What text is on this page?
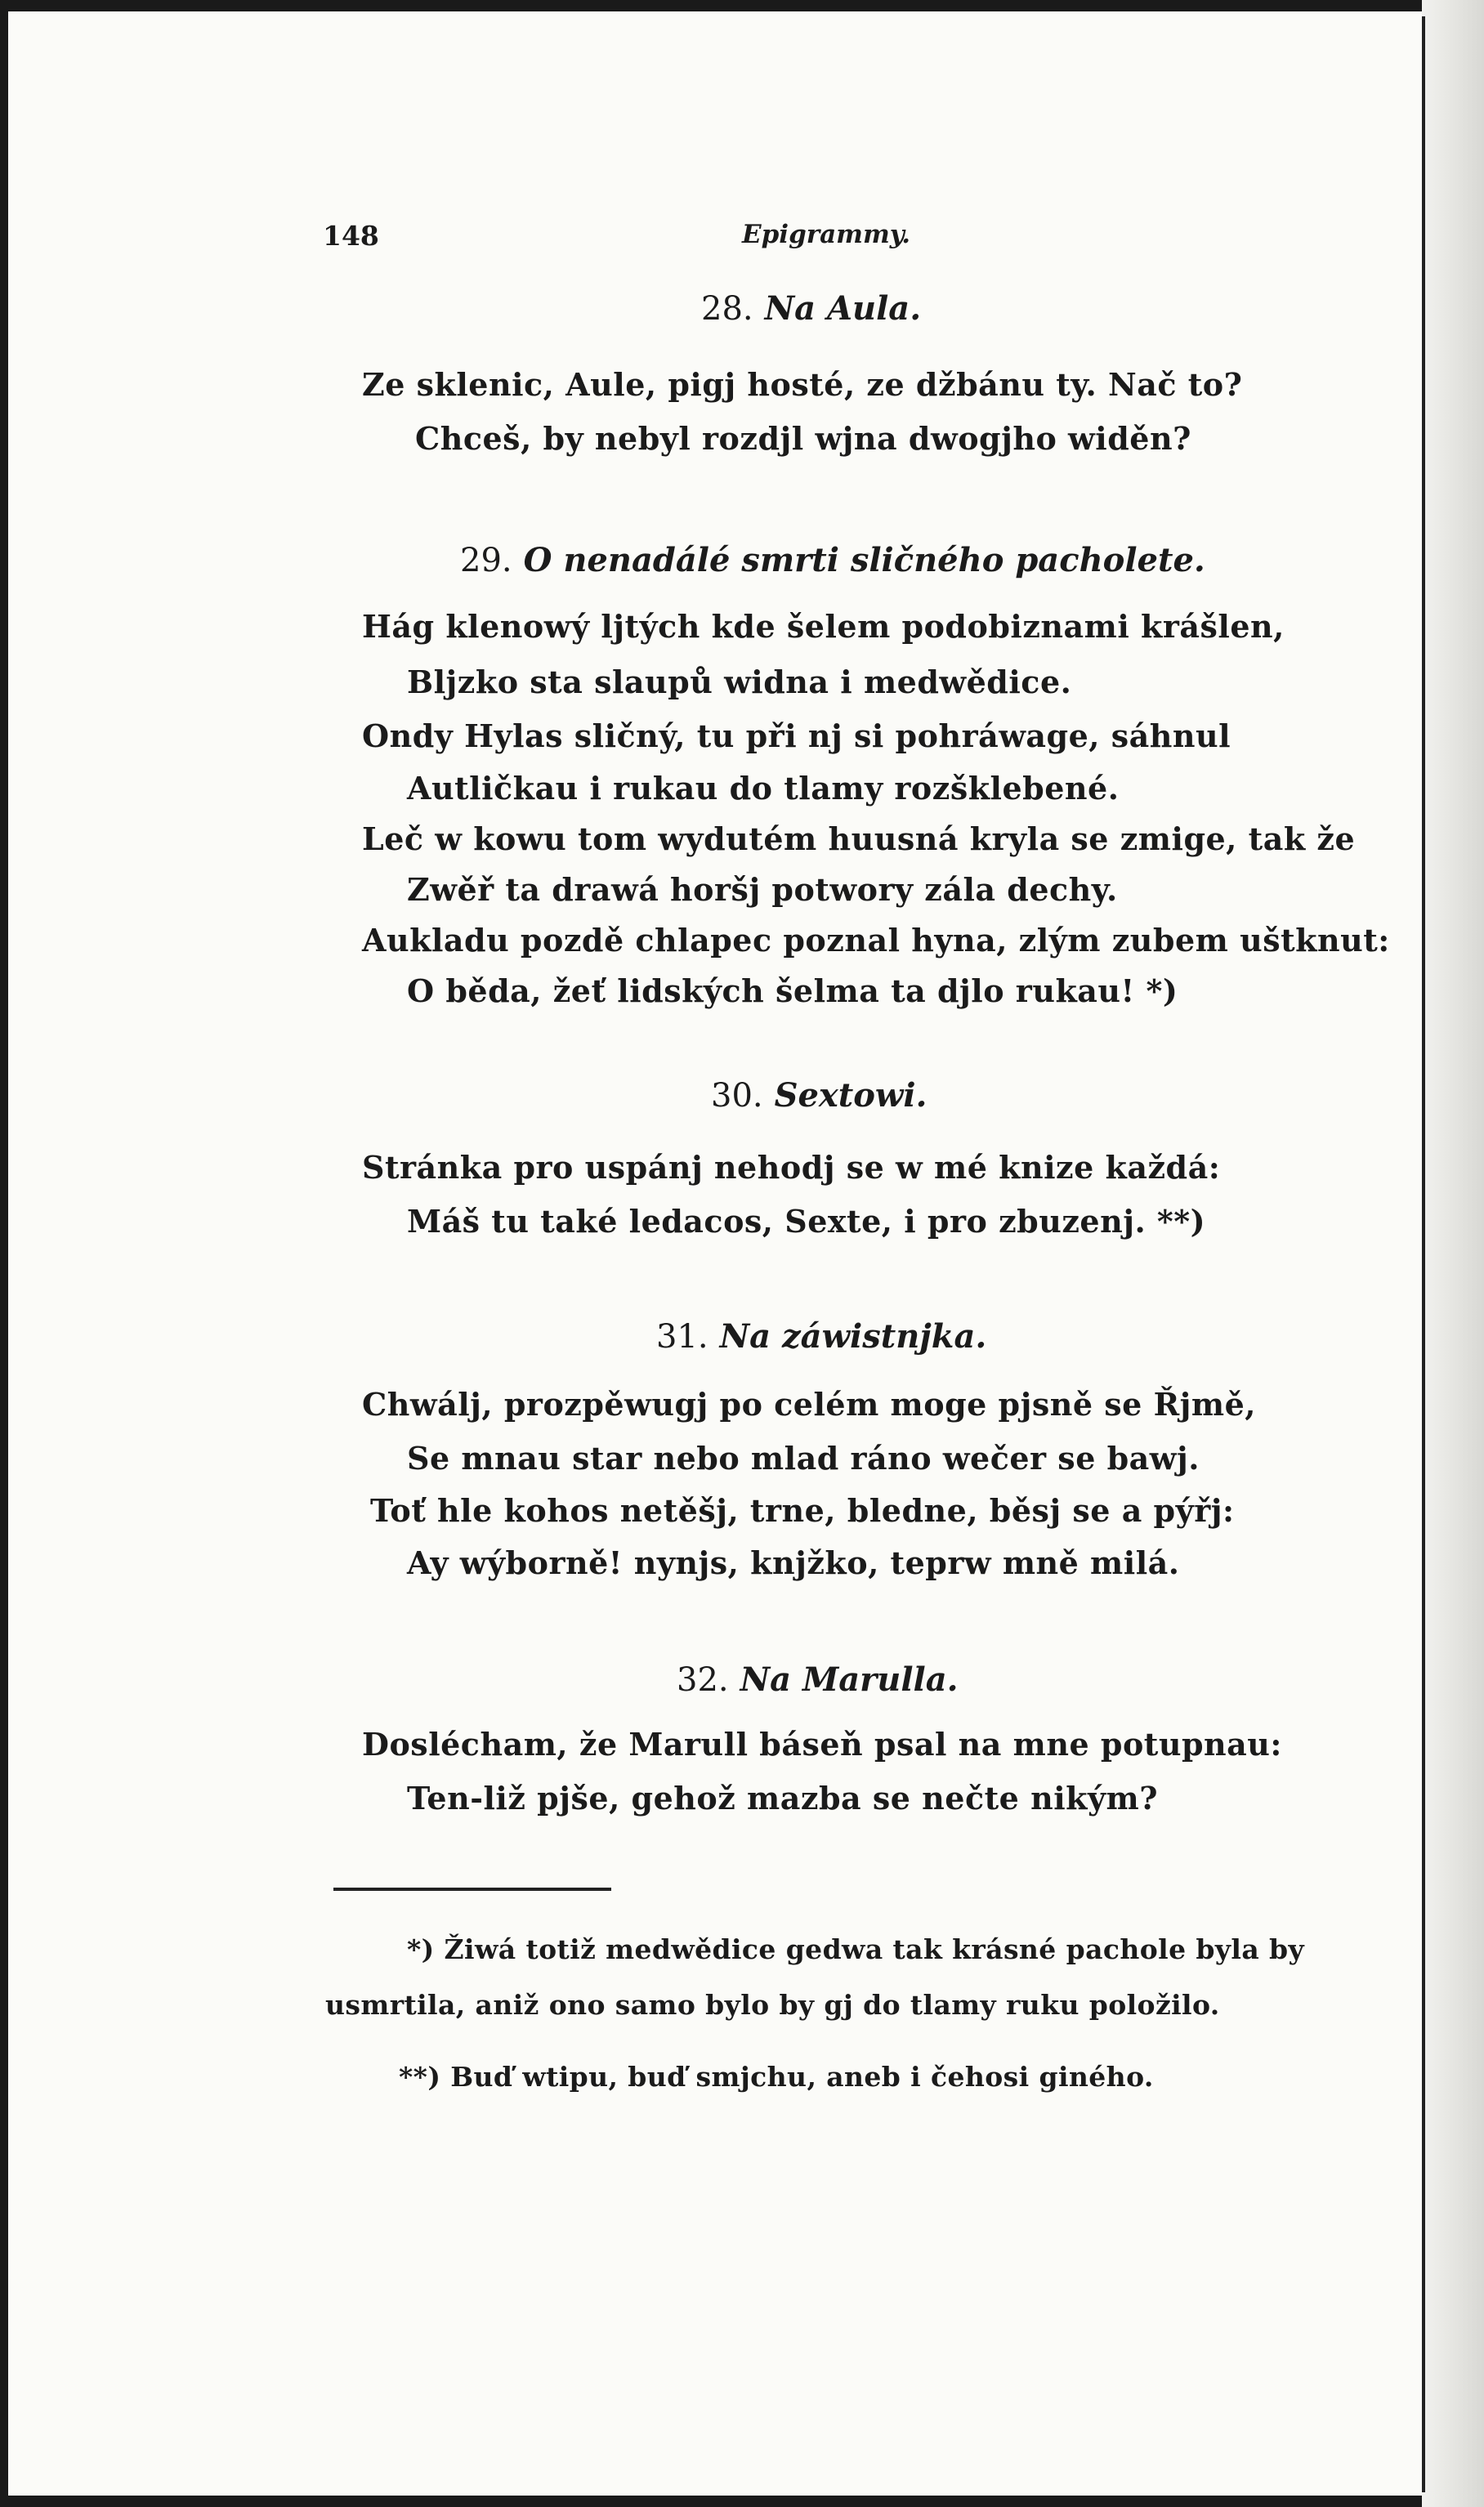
148	Epigrammy.
28. Na Aula.
Ze sklenic, Aule, pigj hosté, ze džbánu ty. Nač to?
Chceš, by nebyl rozdjl wjna dwogjho widěn?
29. O nenadálé smrti sličného pacholete.
Hág klenowý ljtých kde šelem podobiznami krášlen,
Bljzko sta slaupů widna i medwědice.
Ondy Hylas sličný, tu při nj si pohráwage, sáhnul
Autličkau i rukau do tlamy rozšklebené.
Leč w kowu tom wydutém huusná kryla se zmige, tak že
Zwěř ta drawá horšj potwory zála dechy.
Aukladu pozdě chlapec poznal hyna, zlým zubem uštknut:
O běda, žeť lidských šelma ta djlo rukau! *)
30. Sextowi.
Stránka pro uspánj nehodj se w mé knize každá:
Máš tu také ledacos, Sexte, i pro zbuzenj. **)
31. Na záwistnjka.
Chwálj, prozpěwugj po celém moge pjsně se Řjmě,
Se mnau star nebo mlad ráno wečer se bawj.
Toť hle kohos netěšj, trne, bledne, běsj se a pýřj:
Ay wýborně! nynjs, knjžko, teprw mně milá.
32. Na Marulla.
Doslécham, že Marull báseň psal na mne potupnau:
Ten-liž pjše, gehož mazba se nečte nikým?
*) Žiwá totiž medwědice gedwa tak krásné pachole byla by
usmrtila, aniž ono samo bylo by gj do tlamy ruku položilo.
**) Buď wtipu, buď smjchu, aneb i čehosi giného.
